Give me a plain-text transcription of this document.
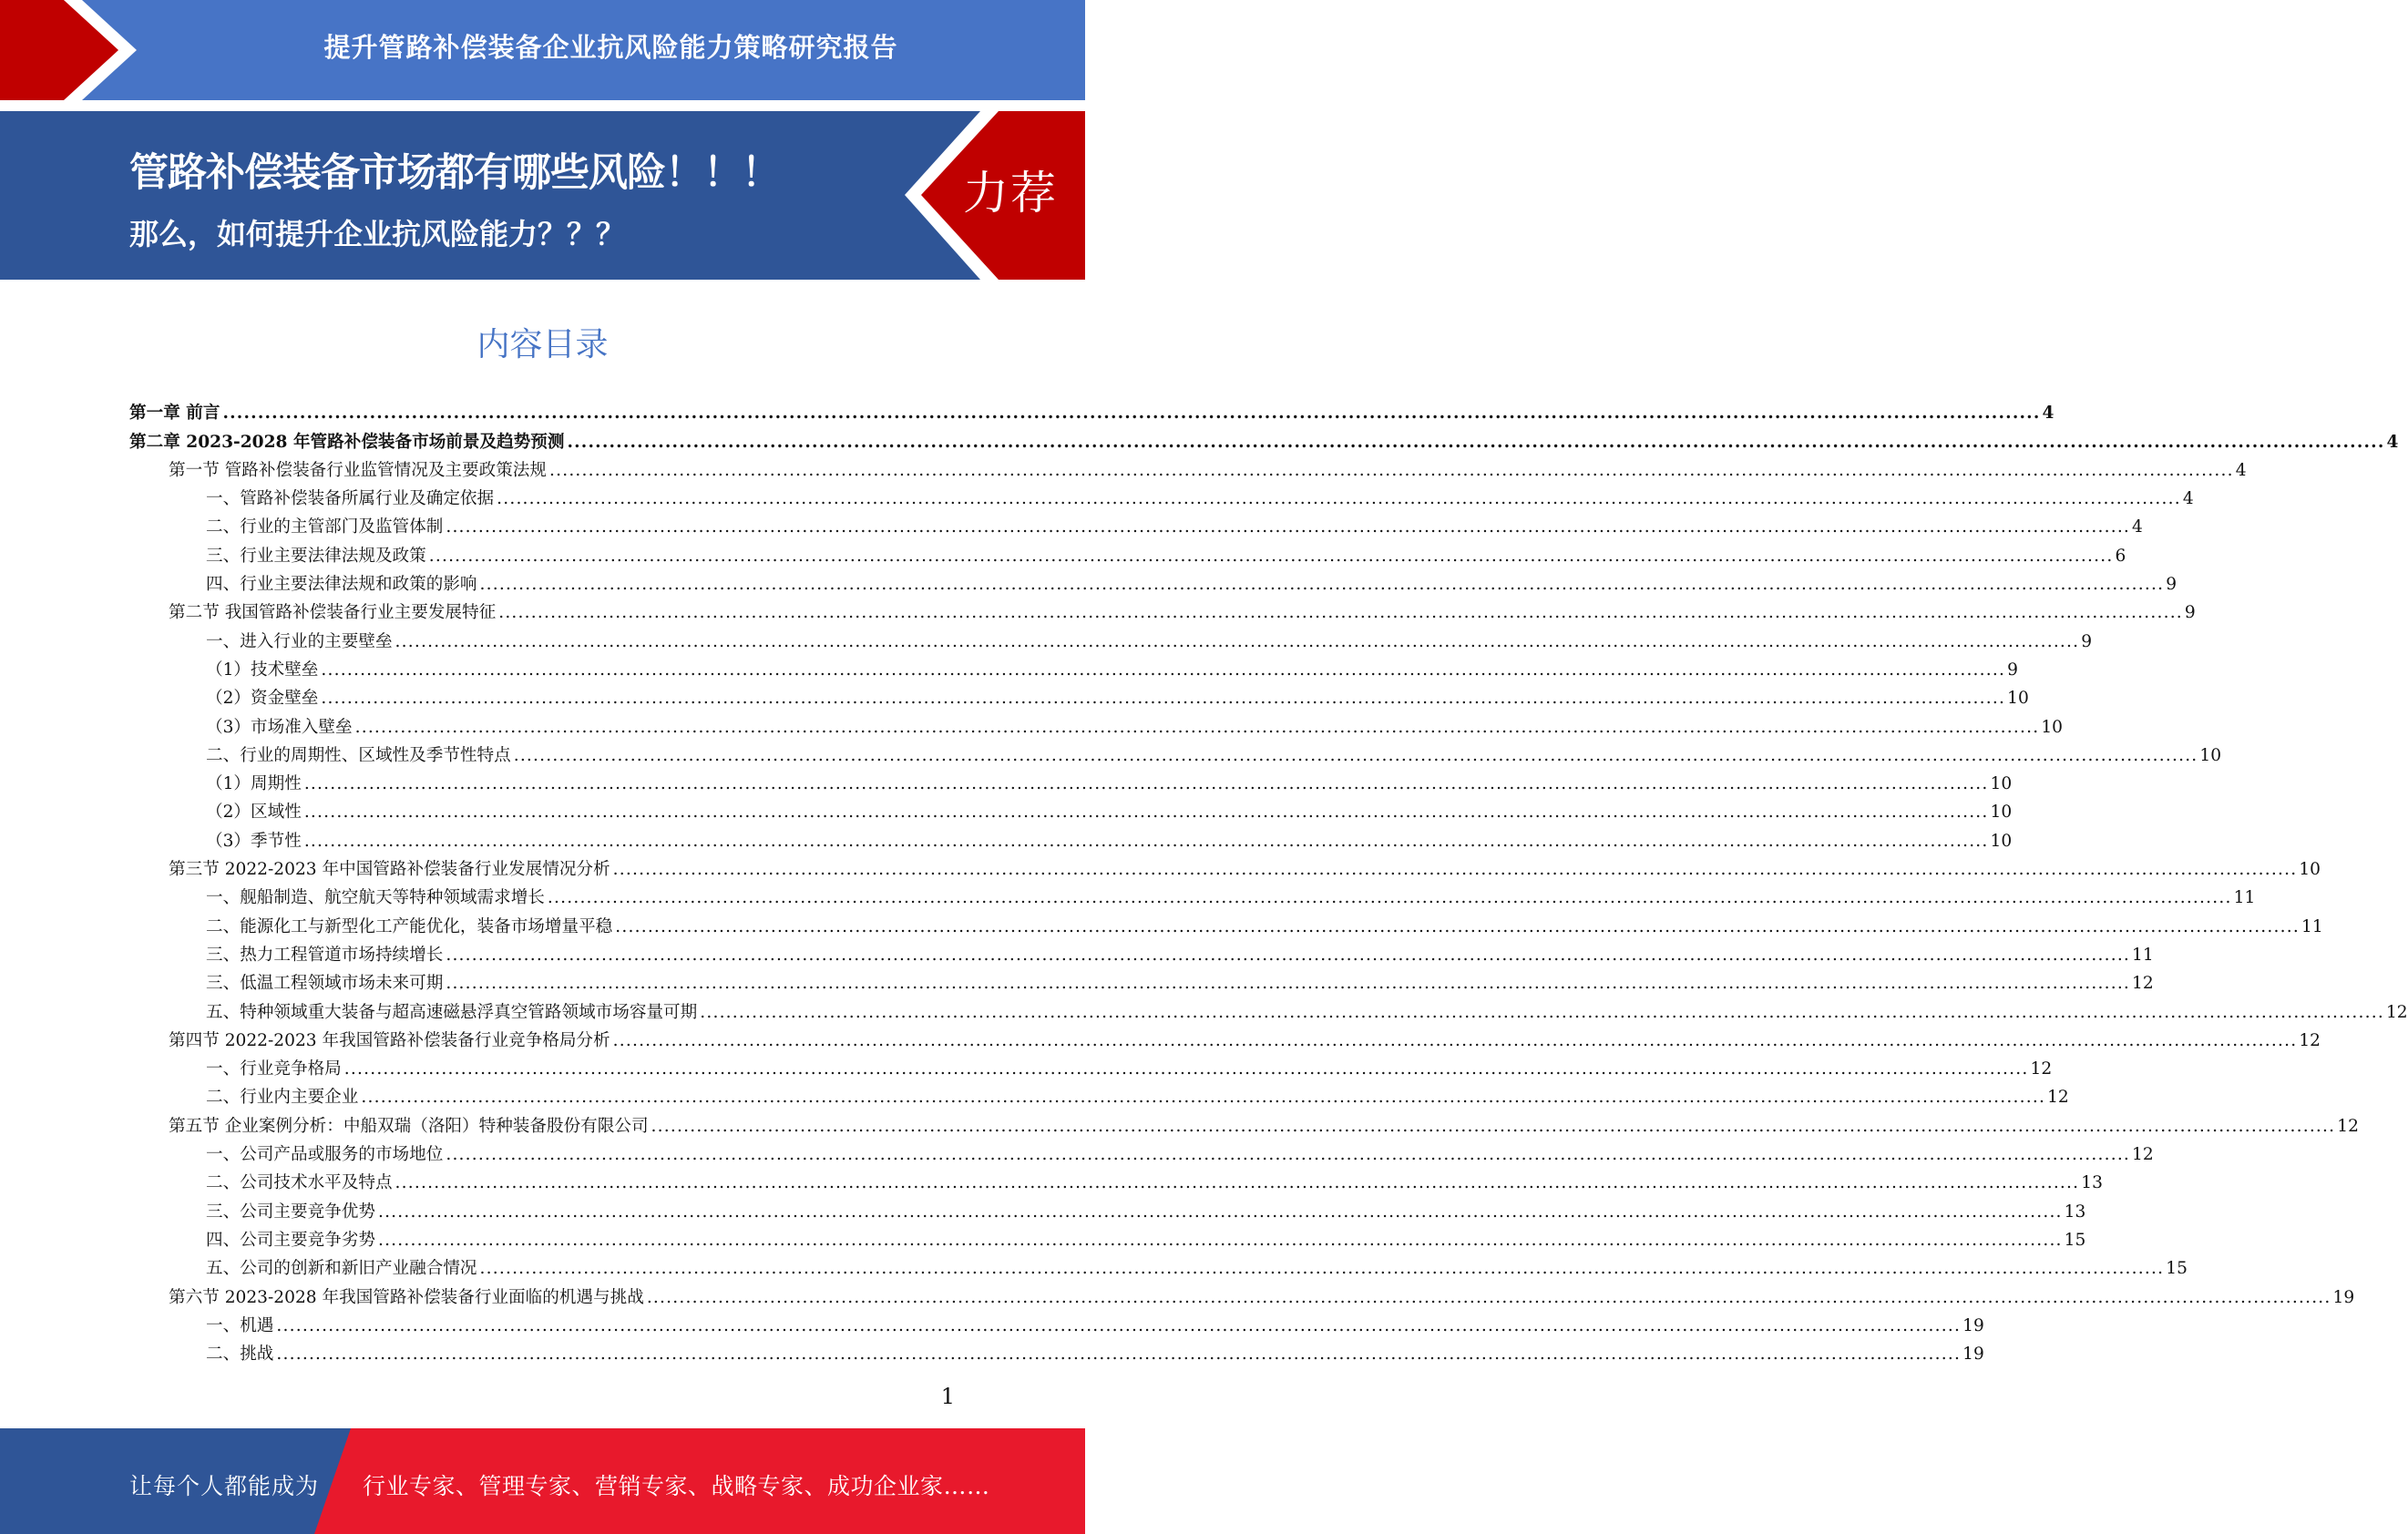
提升管路补偿装备企业抗风险能力策略研究报告
管路补偿装备市场都有哪些风险！！！
那么，如何提升企业抗风险能力？？？
力荐
内容目录
第一章 前言 .................................................................................................................................................................................................................................................................... 4
第二章 2023-2028 年管路补偿装备市场前景及趋势预测 .................................................................................................................................................................................................................................................................... 4
第一节 管路补偿装备行业监管情况及主要政策法规 .................................................................................................................................................................................................................................................................... 4
一、管路补偿装备所属行业及确定依据 .................................................................................................................................................................................................................................................................... 4
二、行业的主管部门及监管体制 .................................................................................................................................................................................................................................................................... 4
三、行业主要法律法规及政策 .................................................................................................................................................................................................................................................................... 6
四、行业主要法律法规和政策的影响 .................................................................................................................................................................................................................................................................... 9
第二节 我国管路补偿装备行业主要发展特征 .................................................................................................................................................................................................................................................................... 9
一、进入行业的主要壁垒 .................................................................................................................................................................................................................................................................... 9
（1）技术壁垒 .................................................................................................................................................................................................................................................................... 9
（2）资金壁垒 .................................................................................................................................................................................................................................................................... 10
（3）市场准入壁垒 .................................................................................................................................................................................................................................................................... 10
二、行业的周期性、区域性及季节性特点 .................................................................................................................................................................................................................................................................... 10
（1）周期性 .................................................................................................................................................................................................................................................................... 10
（2）区域性 .................................................................................................................................................................................................................................................................... 10
（3）季节性 .................................................................................................................................................................................................................................................................... 10
第三节 2022-2023 年中国管路补偿装备行业发展情况分析 .................................................................................................................................................................................................................................................................... 10
一、舰船制造、航空航天等特种领域需求增长 .................................................................................................................................................................................................................................................................... 11
二、能源化工与新型化工产能优化，装备市场增量平稳 .................................................................................................................................................................................................................................................................... 11
三、热力工程管道市场持续增长 .................................................................................................................................................................................................................................................................... 11
三、低温工程领域市场未来可期 .................................................................................................................................................................................................................................................................... 12
五、特种领域重大装备与超高速磁悬浮真空管路领域市场容量可期 .................................................................................................................................................................................................................................................................... 12
第四节 2022-2023 年我国管路补偿装备行业竞争格局分析 .................................................................................................................................................................................................................................................................... 12
一、行业竞争格局 .................................................................................................................................................................................................................................................................... 12
二、行业内主要企业 .................................................................................................................................................................................................................................................................... 12
第五节 企业案例分析：中船双瑞（洛阳）特种装备股份有限公司 .................................................................................................................................................................................................................................................................... 12
一、公司产品或服务的市场地位 .................................................................................................................................................................................................................................................................... 12
二、公司技术水平及特点 .................................................................................................................................................................................................................................................................... 13
三、公司主要竞争优势 .................................................................................................................................................................................................................................................................... 13
四、公司主要竞争劣势 .................................................................................................................................................................................................................................................................... 15
五、公司的创新和新旧产业融合情况 .................................................................................................................................................................................................................................................................... 15
第六节 2023-2028 年我国管路补偿装备行业面临的机遇与挑战 .................................................................................................................................................................................................................................................................... 19
一、机遇 .................................................................................................................................................................................................................................................................... 19
二、挑战 .................................................................................................................................................................................................................................................................... 19
1
让每个人都能成为 行业专家、管理专家、营销专家、战略专家、成功企业家……
